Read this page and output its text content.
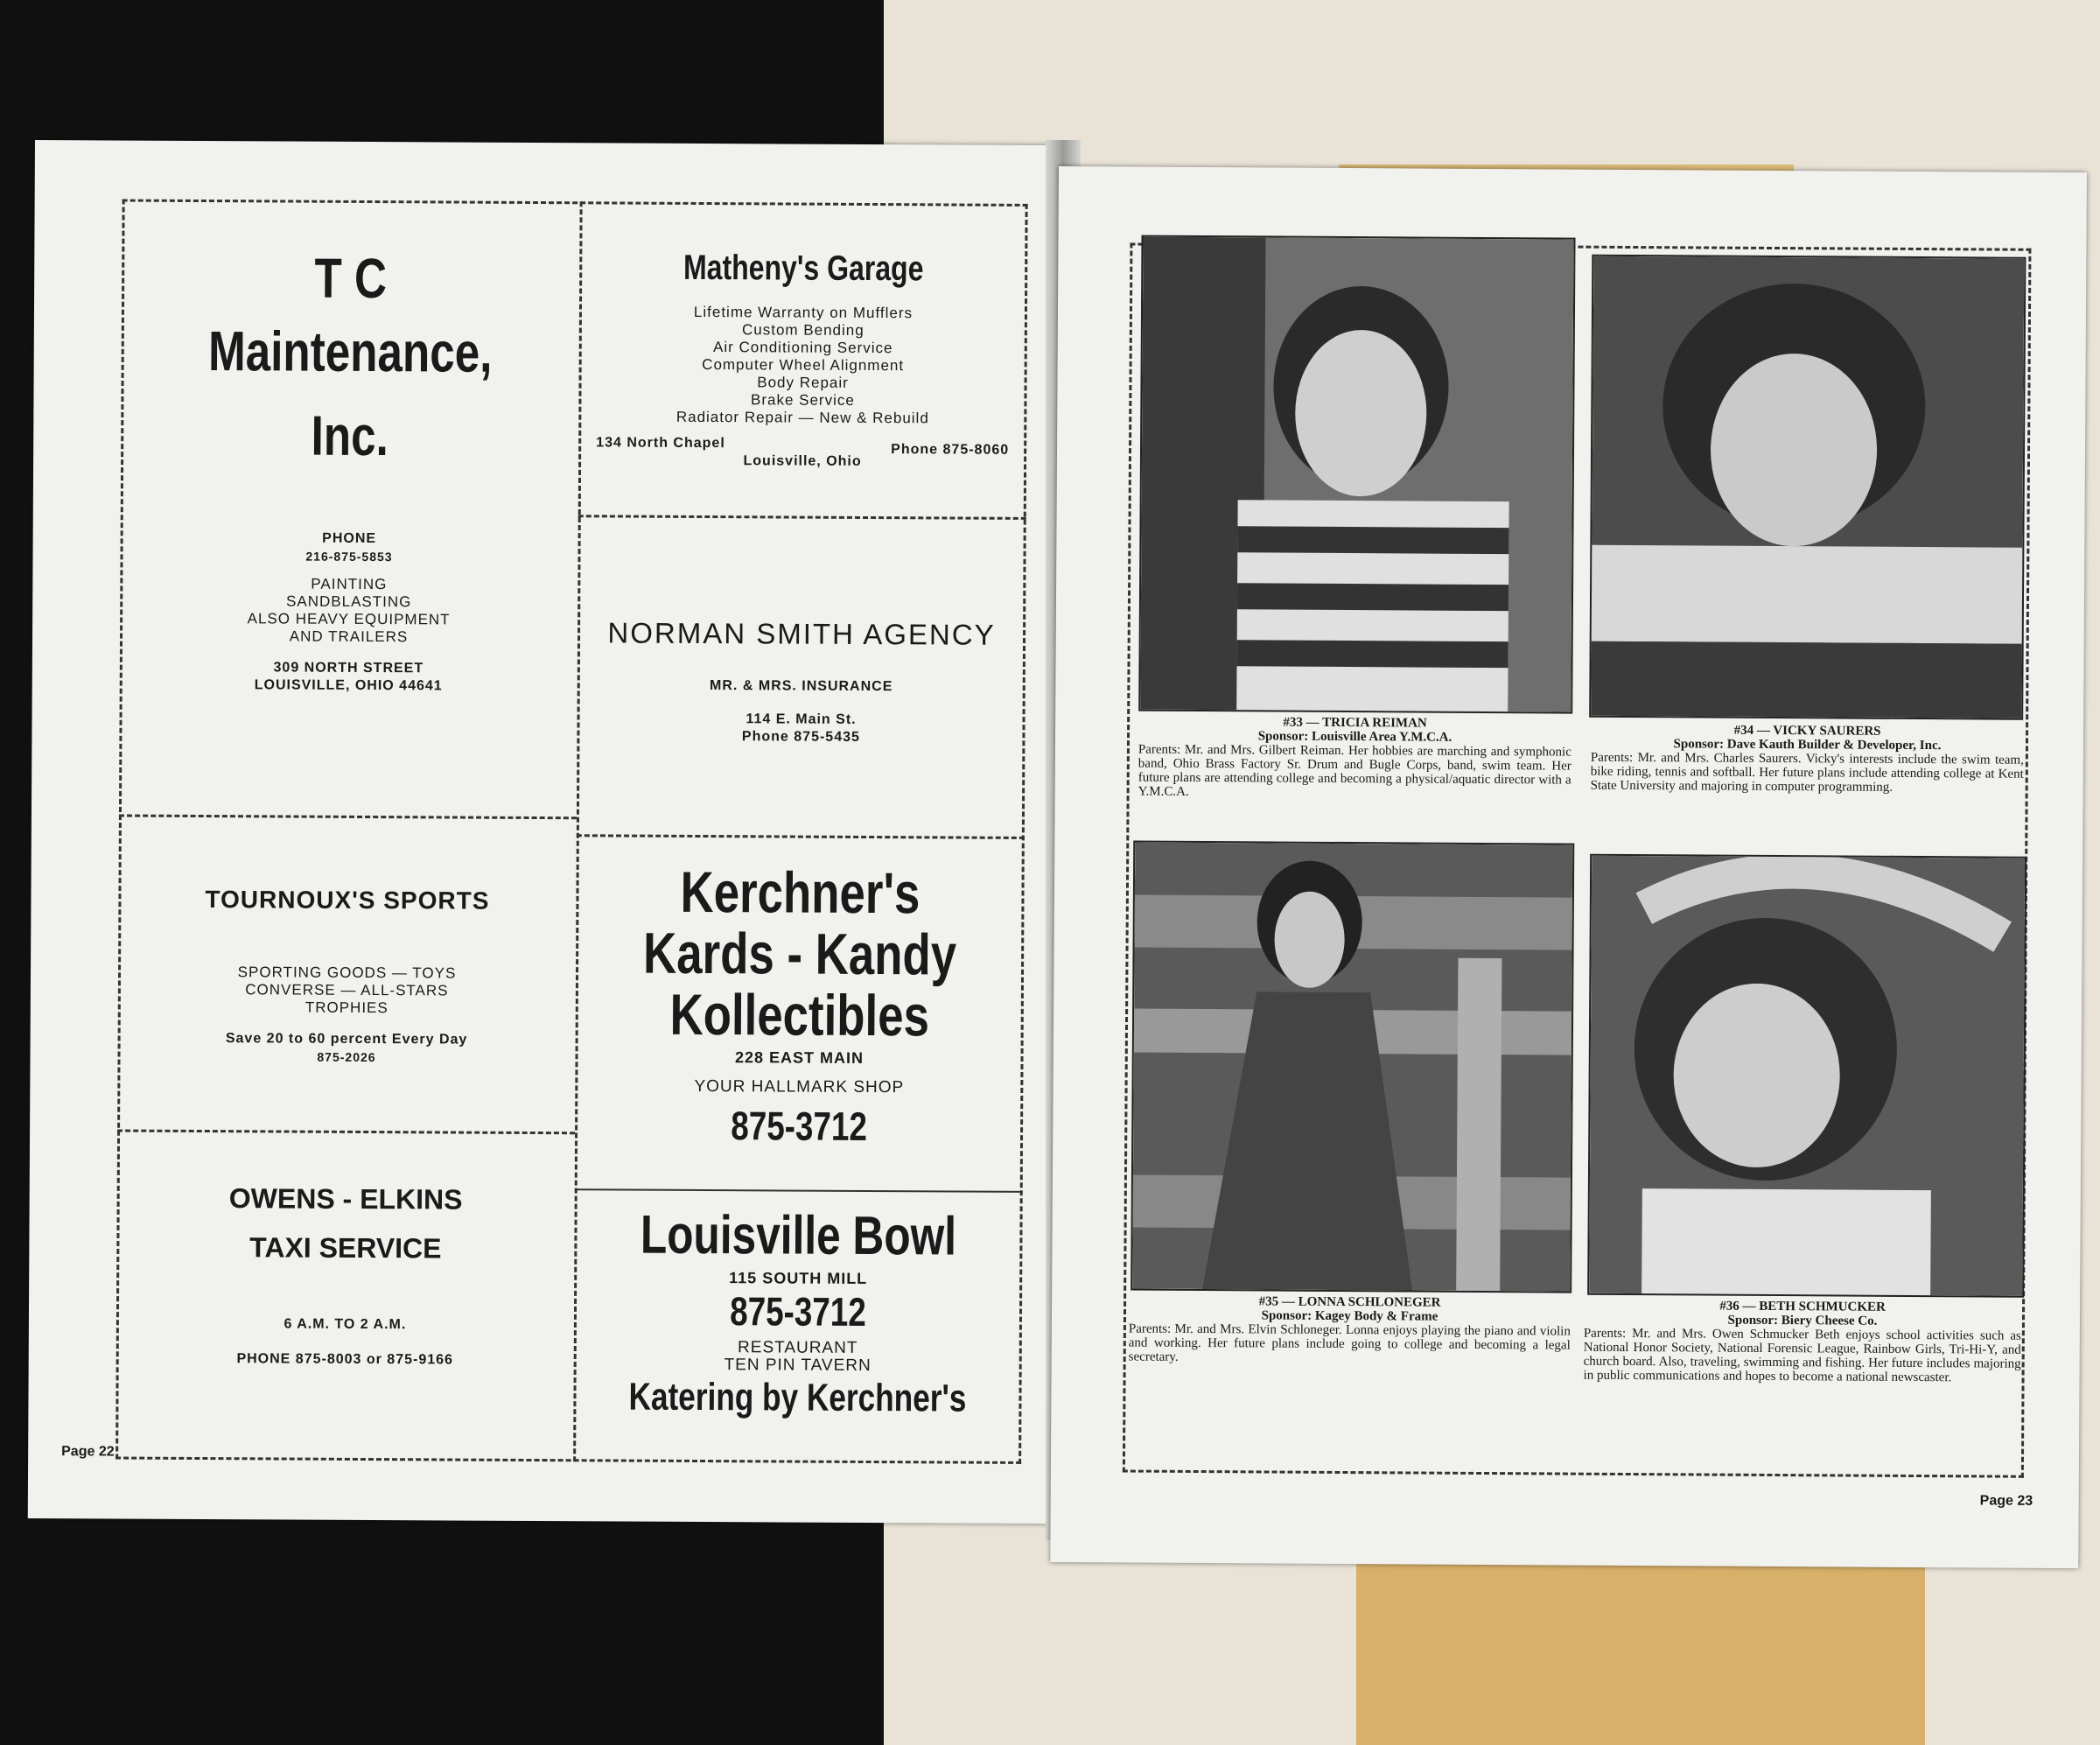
T C
Maintenance,
Inc.
PHONE
216-875-5853
PAINTING
SANDBLASTING
ALSO HEAVY EQUIPMENT
AND TRAILERS
309 NORTH STREET
LOUISVILLE, OHIO 44641
Matheny's Garage
Lifetime Warranty on Mufflers
Custom Bending
Air Conditioning Service
Computer Wheel Alignment
Body Repair
Brake Service
Radiator Repair — New & Rebuild
134 North Chapel	Phone 875-8060
Louisville, Ohio
NORMAN SMITH AGENCY
MR. & MRS. INSURANCE
114 E. Main St.
Phone 875-5435
TOURNOUX'S SPORTS
SPORTING GOODS — TOYS
CONVERSE — ALL-STARS
TROPHIES
Save 20 to 60 percent Every Day
875-2026
Kerchner's
Kards - Kandy
Kollectibles
228 EAST MAIN
YOUR HALLMARK SHOP
875-3712
OWENS - ELKINS
TAXI SERVICE
6 A.M. TO 2 A.M.
PHONE 875-8003 or 875-9166
Louisville Bowl
115 SOUTH MILL
875-3712
RESTAURANT
TEN PIN TAVERN
Katering by Kerchner's
Page 22
#33 — TRICIA REIMAN
Sponsor: Louisville Area Y.M.C.A.
Parents: Mr. and Mrs. Gilbert Reiman. Her hobbies are marching and symphonic band, Ohio Brass Factory Sr. Drum and Bugle Corps, band, swim team. Her future plans are attending college and becoming a physical/aquatic director with a Y.M.C.A.
#34 — VICKY SAURERS
Sponsor: Dave Kauth Builder & Developer, Inc.
Parents: Mr. and Mrs. Charles Saurers. Vicky's interests include the swim team, bike riding, tennis and softball. Her future plans include attending college at Kent State University and majoring in computer programming.
#35 — LONNA SCHLONEGER
Sponsor: Kagey Body & Frame
Parents: Mr. and Mrs. Elvin Schloneger. Lonna enjoys playing the piano and violin and working. Her future plans include going to college and becoming a legal secretary.
#36 — BETH SCHMUCKER
Sponsor: Biery Cheese Co.
Parents: Mr. and Mrs. Owen Schmucker Beth enjoys school activities such as National Honor Society, National Forensic League, Rainbow Girls, Tri-Hi-Y, and church board. Also, traveling, swimming and fishing. Her future includes majoring in public communications and hopes to become a national newscaster.
Page 23
